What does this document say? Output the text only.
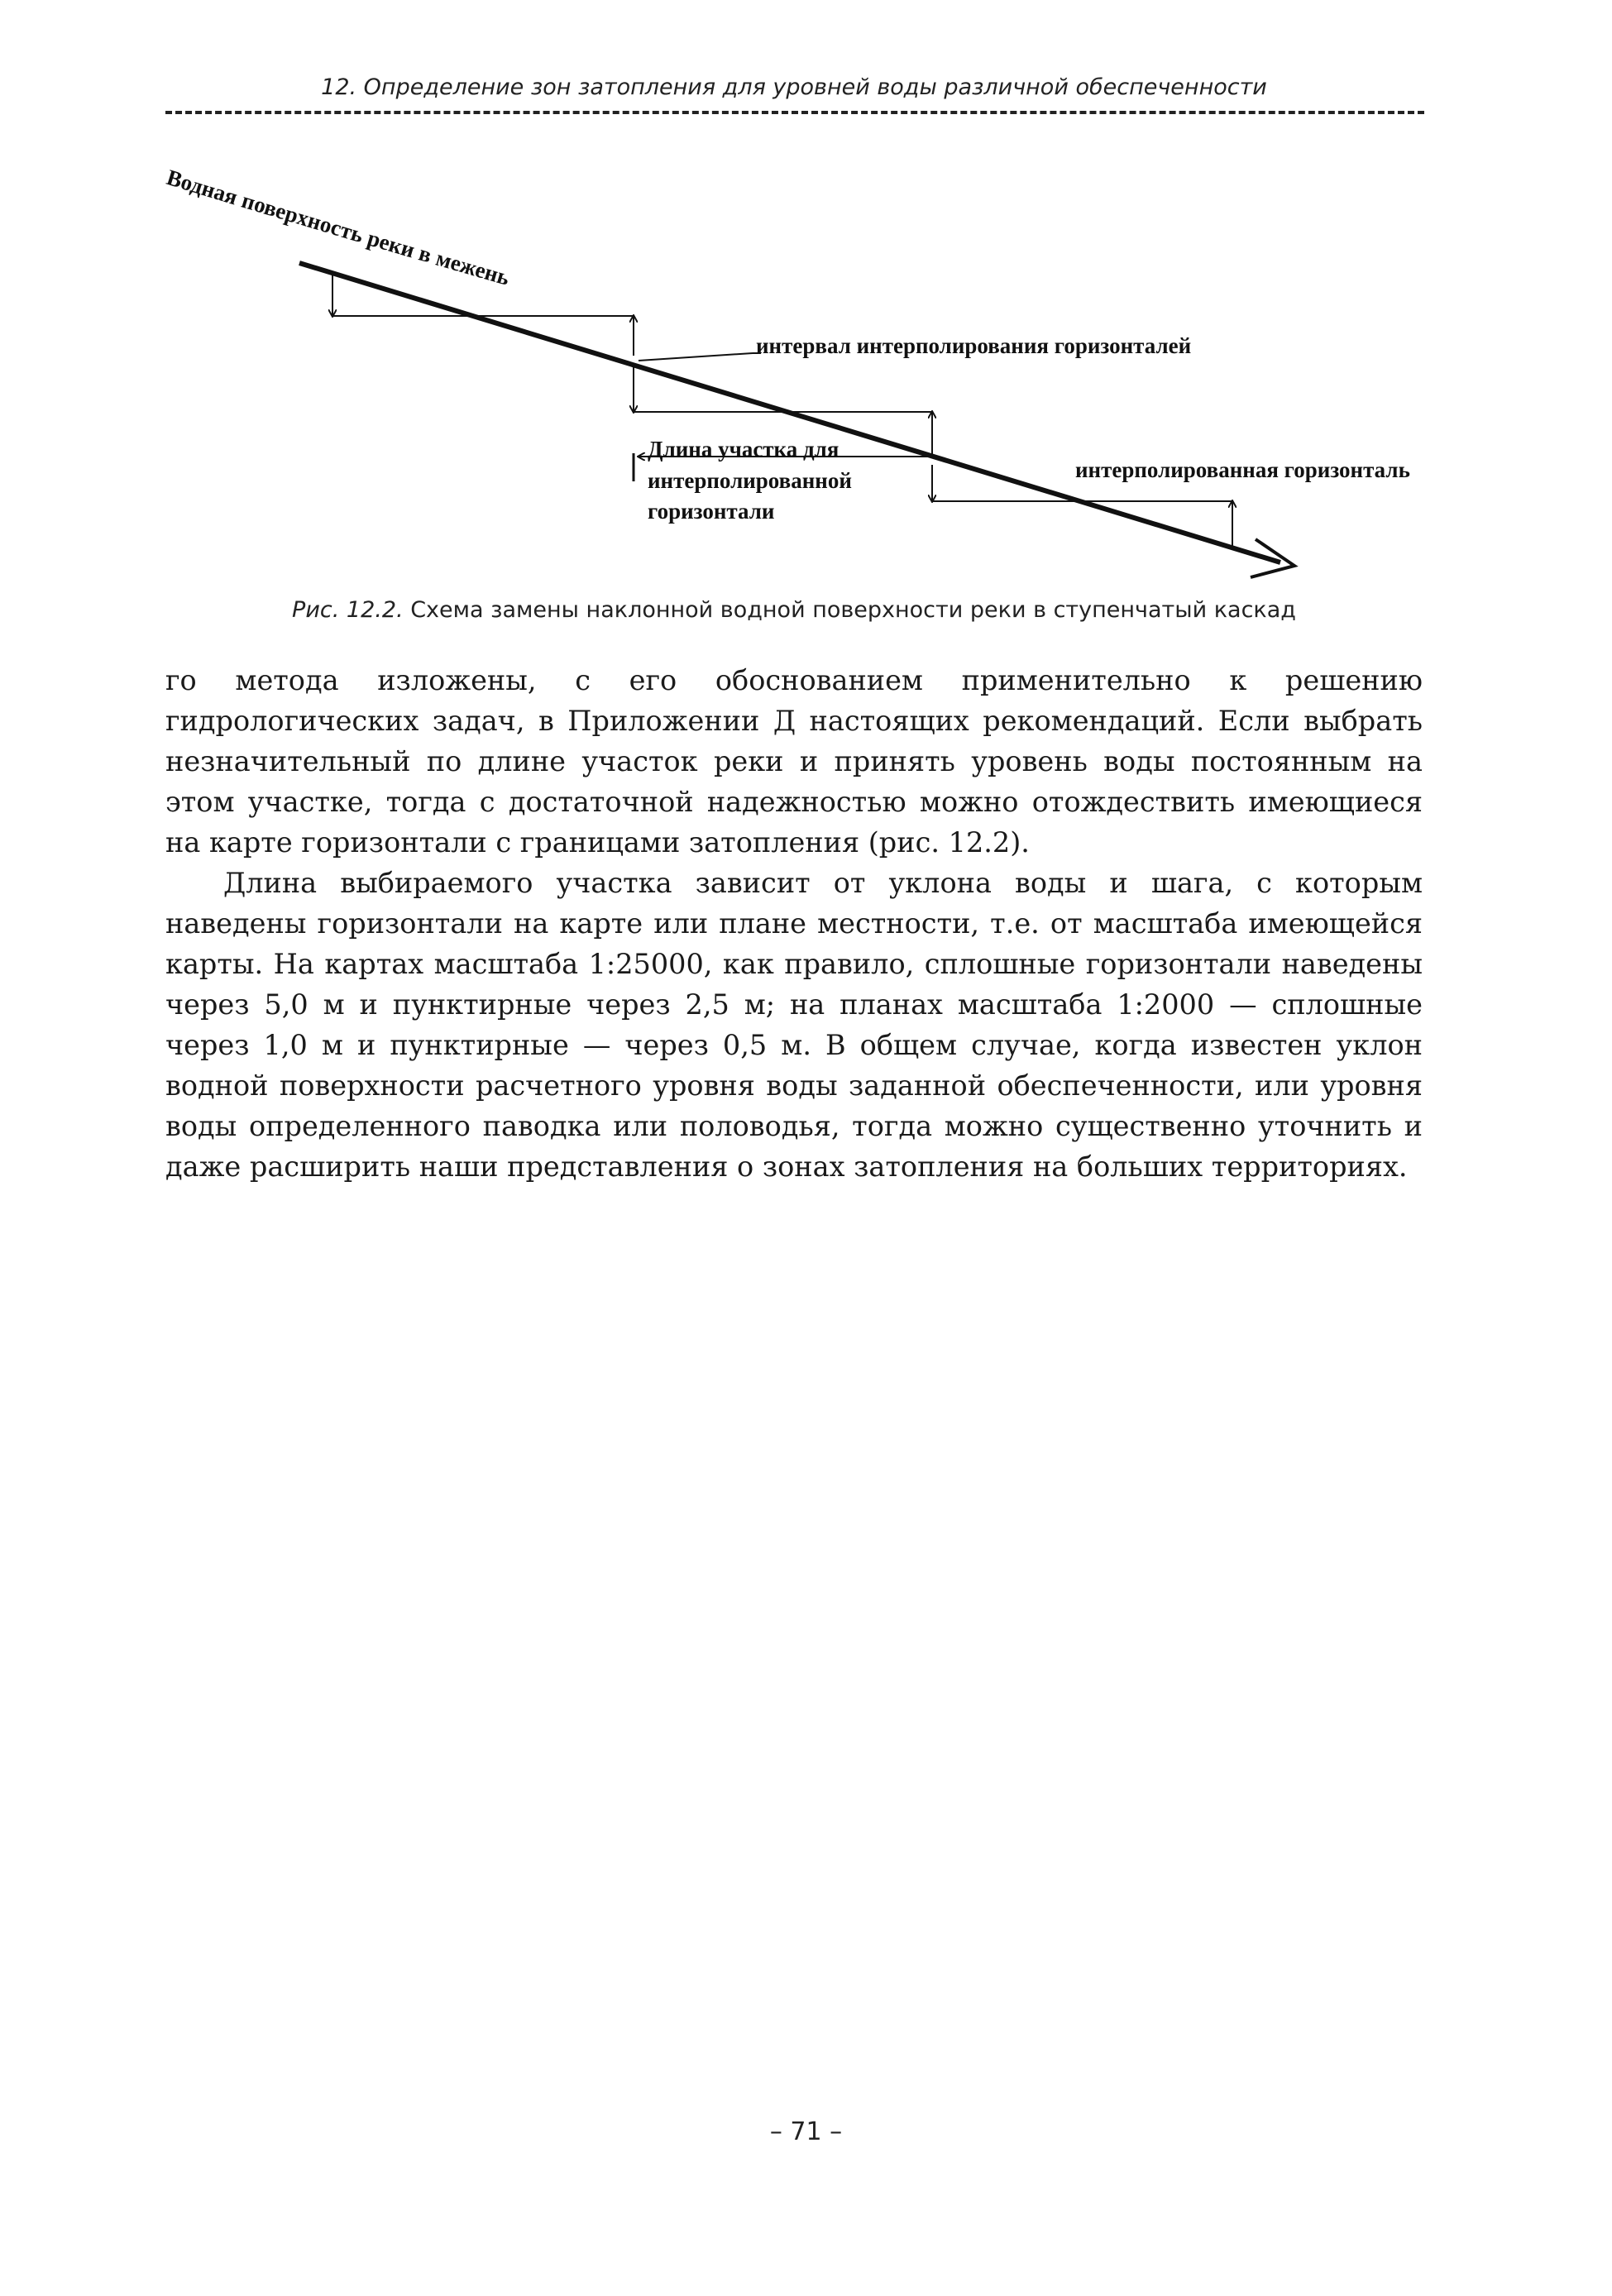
12. Определение зон затопления для уровней воды различной обеспеченности
Водная поверхность реки в межень
интервал интерполирования горизонталей
Длина участка для
интерполированной
горизонтали
интерполированная горизонталь
Рис. 12.2. Схема замены наклонной водной поверхности реки в ступенчатый каскад

го метода изложены, с его обоснованием применительно к решению гидрологических задач, в Приложении Д настоящих рекомендаций. Если выбрать незначительный по длине участок реки и принять уровень воды постоянным на этом участке, тогда с достаточной надежностью можно отождествить имеющиеся на карте горизонтали с границами затопления (рис. 12.2).

Длина выбираемого участка зависит от уклона воды и шага, с которым наведены горизонтали на карте или плане местности, т.е. от масштаба имеющейся карты. На картах масштаба 1:25000, как правило, сплошные горизонтали наведены через 5,0 м и пунктирные через 2,5 м; на планах масштаба 1:2000 — сплошные через 1,0 м и пунктирные — через 0,5 м. В общем случае, когда известен уклон водной поверхности расчетного уровня воды заданной обеспеченности, или уровня воды определенного паводка или половодья, тогда можно существенно уточнить и даже расширить наши представления о зонах затопления на больших территориях.

– 71 –
